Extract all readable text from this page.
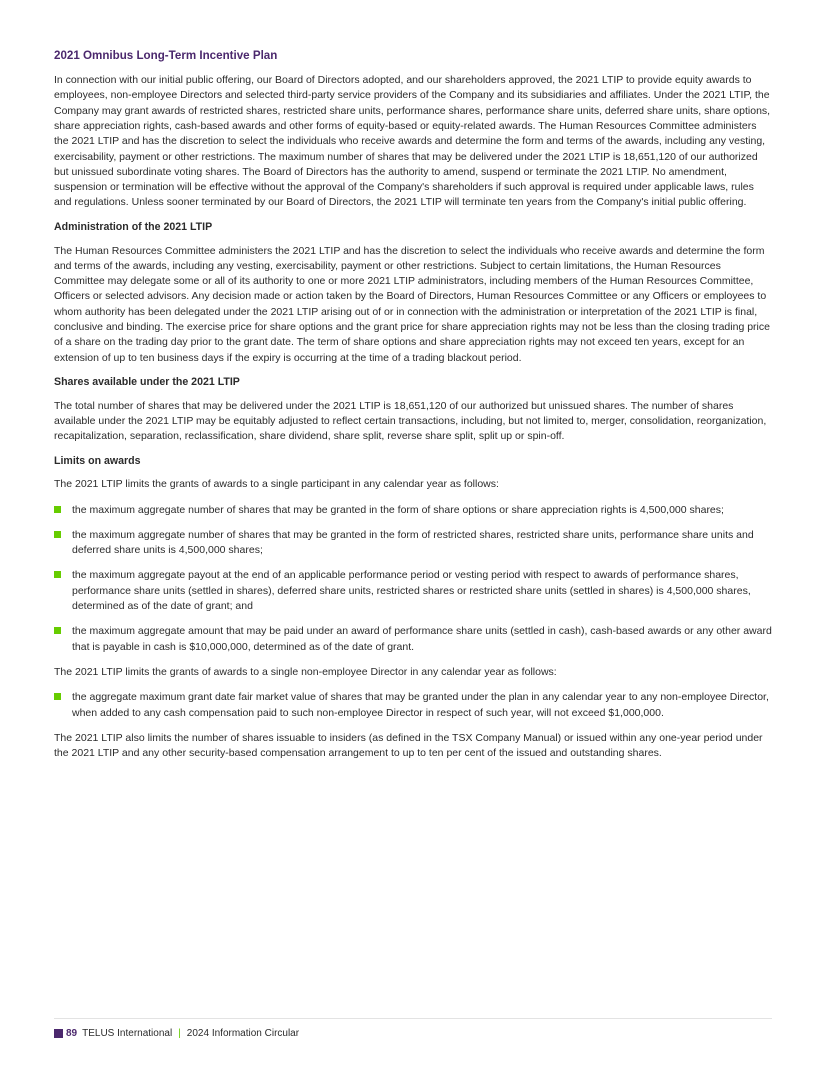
2021 Omnibus Long-Term Incentive Plan

In connection with our initial public offering, our Board of Directors adopted, and our shareholders approved, the 2021 LTIP to provide equity awards to employees, non-employee Directors and selected third-party service providers of the Company and its subsidiaries and affiliates. Under the 2021 LTIP, the Company may grant awards of restricted shares, restricted share units, performance shares, performance share units, deferred share units, share options, share appreciation rights, cash-based awards and other forms of equity-based or equity-related awards. The Human Resources Committee administers the 2021 LTIP and has the discretion to select the individuals who receive awards and determine the form and terms of the awards, including any vesting, exercisability, payment or other restrictions. The maximum number of shares that may be delivered under the 2021 LTIP is 18,651,120 of our authorized but unissued subordinate voting shares. The Board of Directors has the authority to amend, suspend or terminate the 2021 LTIP. No amendment, suspension or termination will be effective without the approval of the Company's shareholders if such approval is required under applicable laws, rules and regulations. Unless sooner terminated by our Board of Directors, the 2021 LTIP will terminate ten years from the Company's initial public offering.

Administration of the 2021 LTIP

The Human Resources Committee administers the 2021 LTIP and has the discretion to select the individuals who receive awards and determine the form and terms of the awards, including any vesting, exercisability, payment or other restrictions. Subject to certain limitations, the Human Resources Committee may delegate some or all of its authority to one or more 2021 LTIP administrators, including members of the Human Resources Committee, Officers or selected advisors. Any decision made or action taken by the Board of Directors, Human Resources Committee or any Officers or employees to whom authority has been delegated under the 2021 LTIP arising out of or in connection with the administration or interpretation of the 2021 LTIP is final, conclusive and binding. The exercise price for share options and the grant price for share appreciation rights may not be less than the closing trading price of a share on the trading day prior to the grant date. The term of share options and share appreciation rights may not exceed ten years, except for an extension of up to ten business days if the expiry is occurring at the time of a trading blackout period.

Shares available under the 2021 LTIP

The total number of shares that may be delivered under the 2021 LTIP is 18,651,120 of our authorized but unissued shares. The number of shares available under the 2021 LTIP may be equitably adjusted to reflect certain transactions, including, but not limited to, merger, consolidation, reorganization, recapitalization, separation, reclassification, share dividend, share split, reverse share split, split up or spin-off.

Limits on awards

The 2021 LTIP limits the grants of awards to a single participant in any calendar year as follows:

the maximum aggregate number of shares that may be granted in the form of share options or share appreciation rights is 4,500,000 shares;
the maximum aggregate number of shares that may be granted in the form of restricted shares, restricted share units, performance share units and deferred share units is 4,500,000 shares;
the maximum aggregate payout at the end of an applicable performance period or vesting period with respect to awards of performance shares, performance share units (settled in shares), deferred share units, restricted shares or restricted share units (settled in shares) is 4,500,000 shares, determined as of the date of grant; and
the maximum aggregate amount that may be paid under an award of performance share units (settled in cash), cash-based awards or any other award that is payable in cash is $10,000,000, determined as of the date of grant.

The 2021 LTIP limits the grants of awards to a single non-employee Director in any calendar year as follows:

the aggregate maximum grant date fair market value of shares that may be granted under the plan in any calendar year to any non-employee Director, when added to any cash compensation paid to such non-employee Director in respect of such year, will not exceed $1,000,000.

The 2021 LTIP also limits the number of shares issuable to insiders (as defined in the TSX Company Manual) or issued within any one-year period under the 2021 LTIP and any other security-based compensation arrangement to up to ten per cent of the issued and outstanding shares.

89 TELUS International | 2024 Information Circular
